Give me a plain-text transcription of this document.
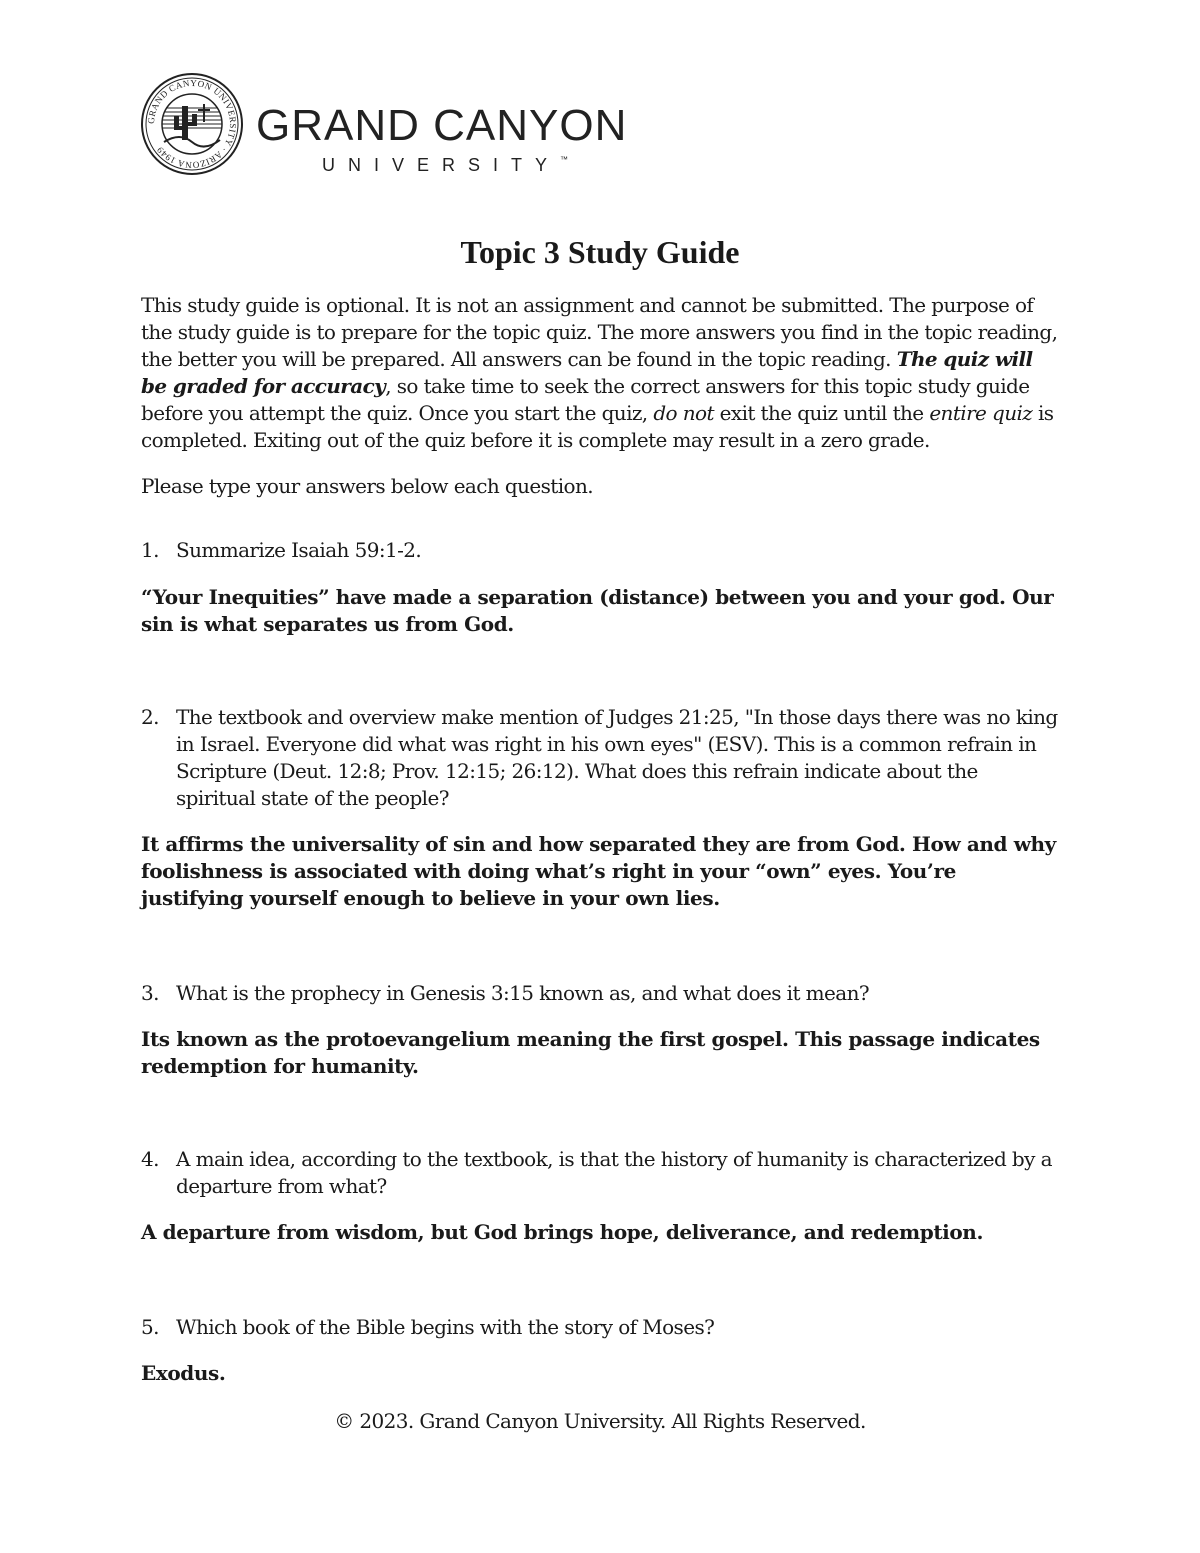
GRAND CANYON UNIVERSITY · ARIZONA 1949	GRAND CANYON
UNIVERSITY™
Topic 3 Study Guide
This study guide is optional. It is not an assignment and cannot be submitted. The purpose of the study guide is to prepare for the topic quiz. The more answers you find in the topic reading, the better you will be prepared. All answers can be found in the topic reading. The quiz will be graded for accuracy, so take time to seek the correct answers for this topic study guide before you attempt the quiz. Once you start the quiz, do not exit the quiz until the entire quiz is completed. Exiting out of the quiz before it is complete may result in a zero grade.
Please type your answers below each question.
1. Summarize Isaiah 59:1-2.
“Your Inequities” have made a separation (distance) between you and your god. Our sin is what separates us from God.
2. The textbook and overview make mention of Judges 21:25, "In those days there was no king in Israel. Everyone did what was right in his own eyes" (ESV). This is a common refrain in Scripture (Deut. 12:8; Prov. 12:15; 26:12). What does this refrain indicate about the spiritual state of the people?
It affirms the universality of sin and how separated they are from God. How and why foolishness is associated with doing what’s right in your “own” eyes. You’re justifying yourself enough to believe in your own lies.
3. What is the prophecy in Genesis 3:15 known as, and what does it mean?
Its known as the protoevangelium meaning the first gospel. This passage indicates redemption for humanity.
4. A main idea, according to the textbook, is that the history of humanity is characterized by a departure from what?
A departure from wisdom, but God brings hope, deliverance, and redemption.
5. Which book of the Bible begins with the story of Moses?
Exodus.
© 2023. Grand Canyon University. All Rights Reserved.
